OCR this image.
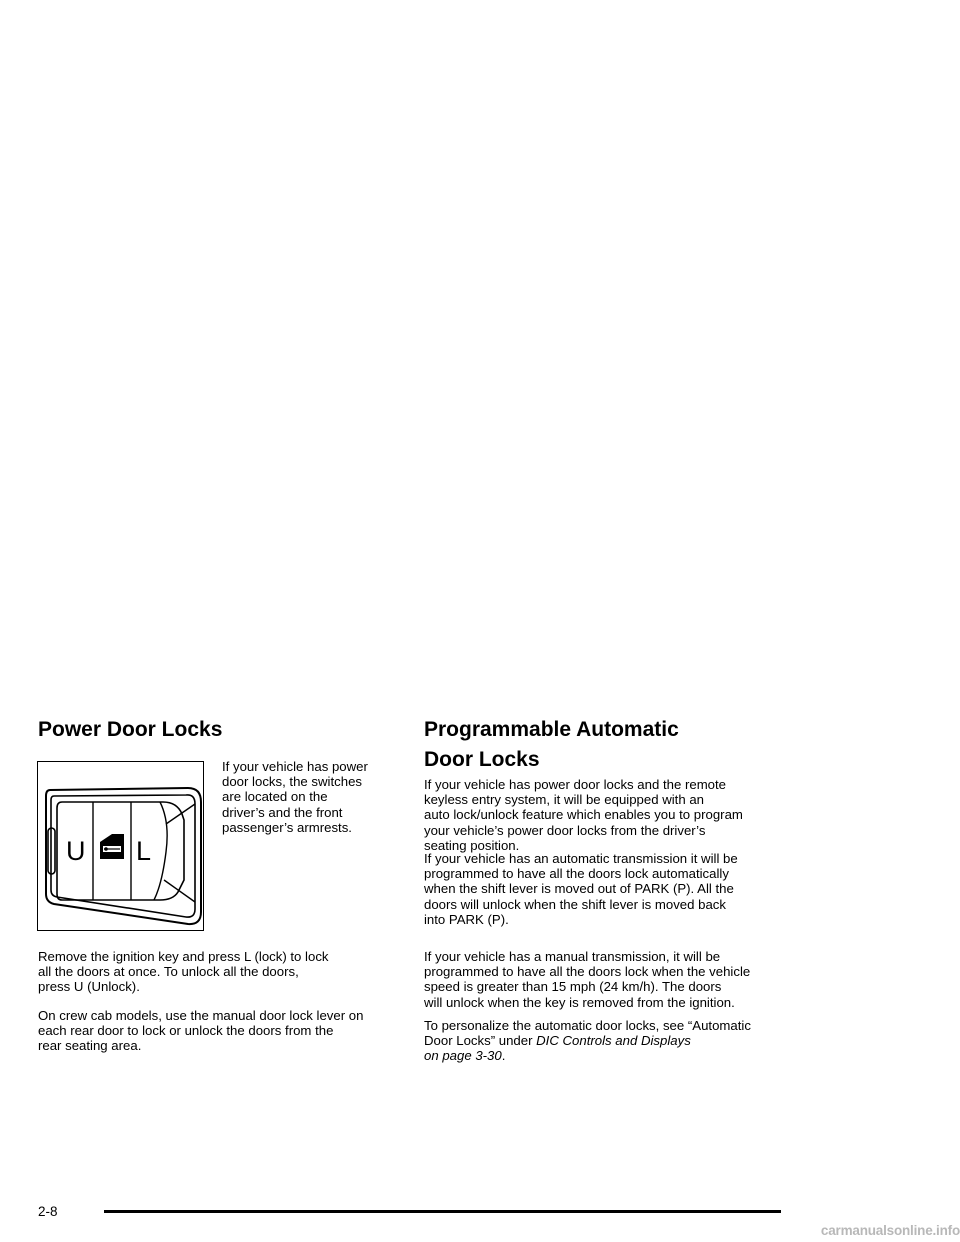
Power Door Locks
U L

If your vehicle has power
door locks, the switches
are located on the
driver’s and the front
passenger’s armrests.

Remove the ignition key and press L (lock) to lock
all the doors at once. To unlock all the doors,
press U (Unlock).

On crew cab models, use the manual door lock lever on
each rear door to lock or unlock the doors from the
rear seating area.

Programmable Automatic
Door Locks

If your vehicle has power door locks and the remote
keyless entry system, it will be equipped with an
auto lock/unlock feature which enables you to program
your vehicle’s power door locks from the driver’s
seating position.

If your vehicle has an automatic transmission it will be
programmed to have all the doors lock automatically
when the shift lever is moved out of PARK (P). All the
doors will unlock when the shift lever is moved back
into PARK (P).

If your vehicle has a manual transmission, it will be
programmed to have all the doors lock when the vehicle
speed is greater than 15 mph (24 km/h). The doors
will unlock when the key is removed from the ignition.

To personalize the automatic door locks, see “Automatic
Door Locks” under DIC Controls and Displays
on page 3-30.

2-8

carmanualsonline.info
